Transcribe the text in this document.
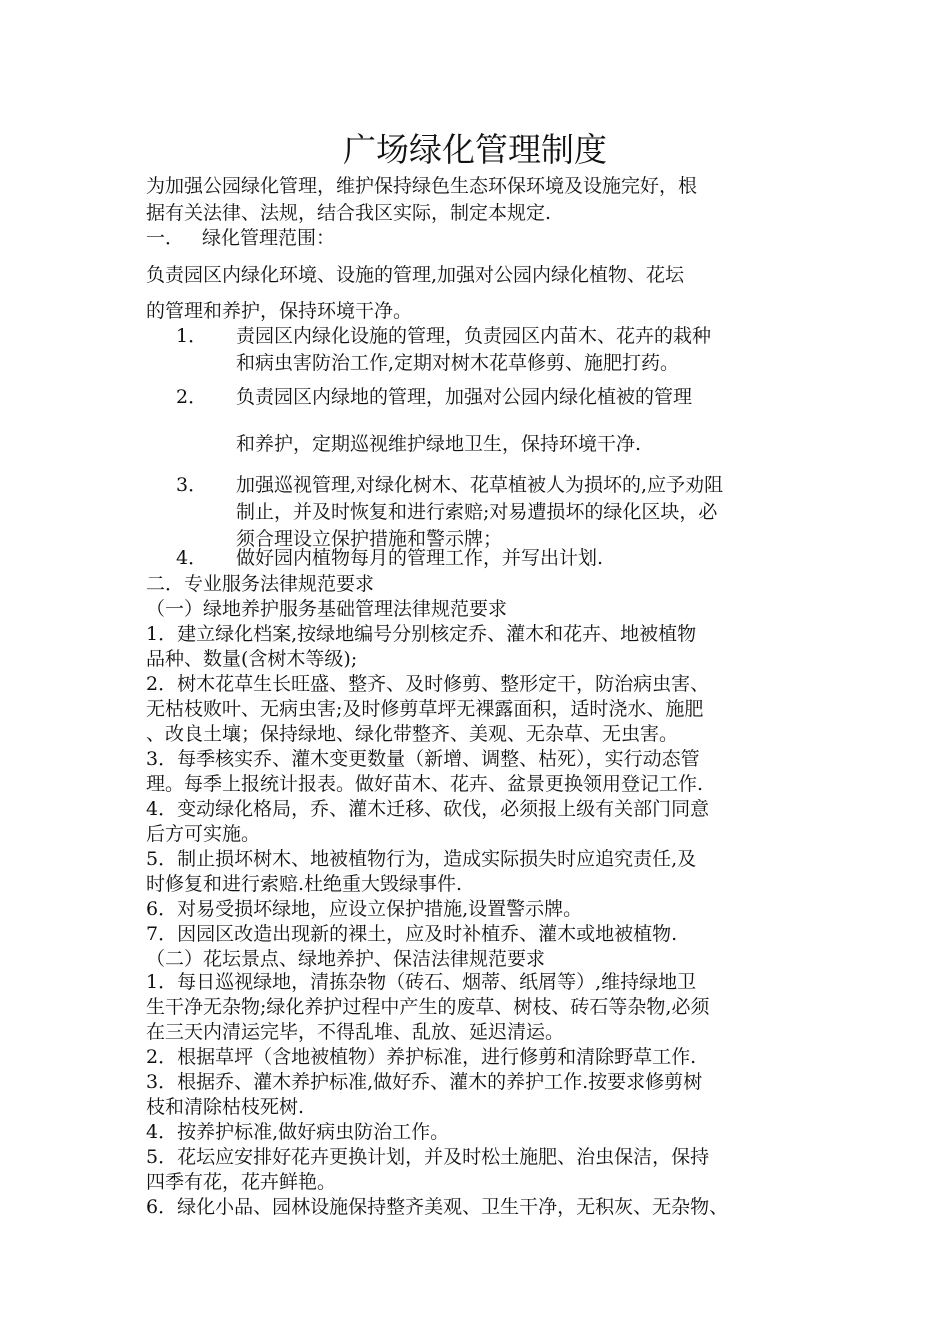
广场绿化管理制度
为加强公园绿化管理，维护保持绿色生态环保环境及设施完好，根
据有关法律、法规，结合我区实际，制定本规定.
一． 绿化管理范围：
负责园区内绿化环境、设施的管理,加强对公园内绿化植物、花坛
的管理和养护，保持环境干净。
1． 责园区内绿化设施的管理，负责园区内苗木、花卉的栽种
和病虫害防治工作,定期对树木花草修剪、施肥打药。
2． 负责园区内绿地的管理，加强对公园内绿化植被的管理
和养护，定期巡视维护绿地卫生，保持环境干净.
3． 加强巡视管理,对绿化树木、花草植被人为损坏的,应予劝阻
制止，并及时恢复和进行索赔;对易遭损坏的绿化区块，必
须合理设立保护措施和警示牌；
4． 做好园内植物每月的管理工作，并写出计划.
二．专业服务法律规范要求
（一）绿地养护服务基础管理法律规范要求
1．建立绿化档案,按绿地编号分别核定乔、灌木和花卉、地被植物
品种、数量(含树木等级);
2．树木花草生长旺盛、整齐、及时修剪、整形定干，防治病虫害、
无枯枝败叶、无病虫害;及时修剪草坪无裸露面积，适时浇水、施肥
、改良土壤；保持绿地、绿化带整齐、美观、无杂草、无虫害。
3．每季核实乔、灌木变更数量（新增、调整、枯死），实行动态管
理。每季上报统计报表。做好苗木、花卉、盆景更换领用登记工作.
4．变动绿化格局，乔、灌木迁移、砍伐，必须报上级有关部门同意
后方可实施。
5．制止损坏树木、地被植物行为，造成实际损失时应追究责任,及
时修复和进行索赔.杜绝重大毁绿事件.
6．对易受损坏绿地，应设立保护措施,设置警示牌。
7．因园区改造出现新的裸土，应及时补植乔、灌木或地被植物.
（二）花坛景点、绿地养护、保洁法律规范要求
1．每日巡视绿地，清拣杂物（砖石、烟蒂、纸屑等）,维持绿地卫
生干净无杂物;绿化养护过程中产生的废草、树枝、砖石等杂物,必须
在三天内清运完毕，不得乱堆、乱放、延迟清运。
2．根据草坪（含地被植物）养护标准，进行修剪和清除野草工作.
3．根据乔、灌木养护标准,做好乔、灌木的养护工作.按要求修剪树
枝和清除枯枝死树.
4．按养护标准,做好病虫防治工作。
5．花坛应安排好花卉更换计划，并及时松土施肥、治虫保洁，保持
四季有花，花卉鲜艳。
6．绿化小品、园林设施保持整齐美观、卫生干净，无积灰、无杂物、
